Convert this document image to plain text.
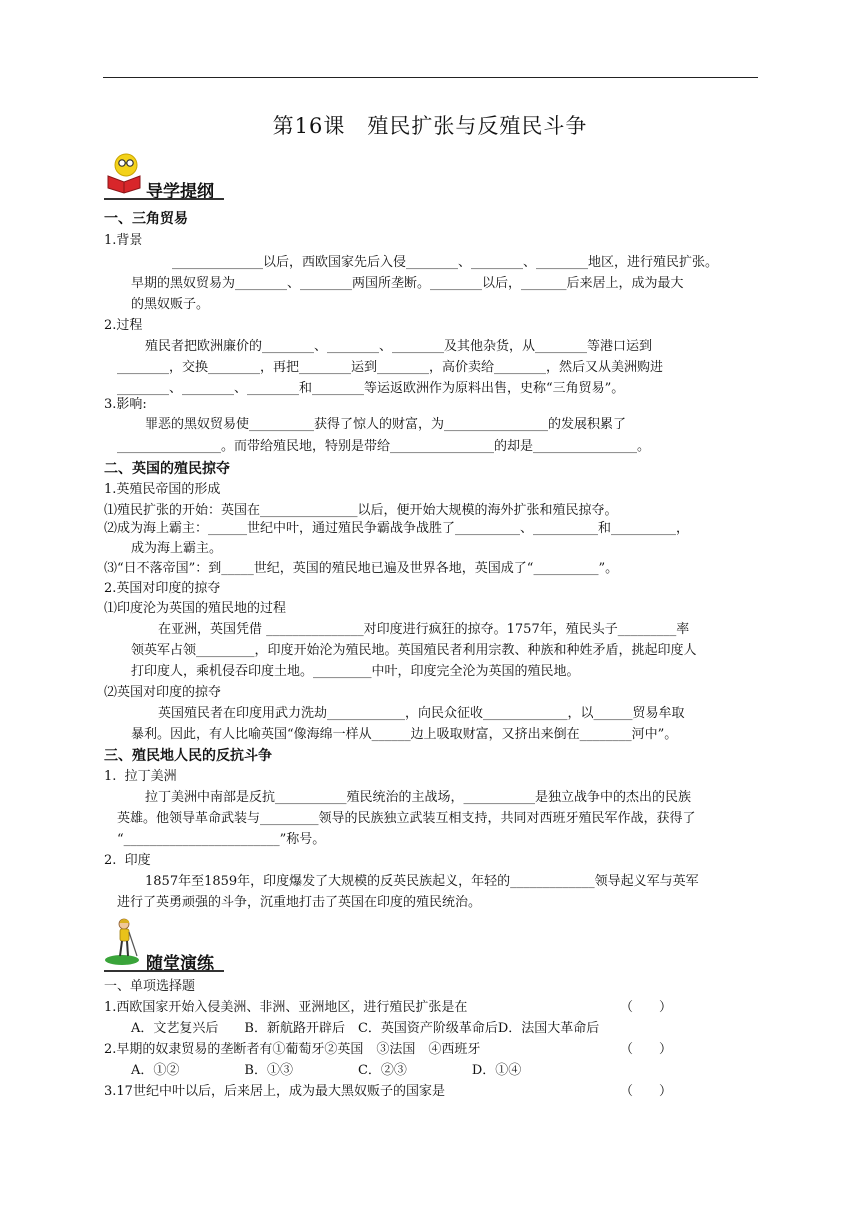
第16课　殖民扩张与反殖民斗争
导学提纲
一、三角贸易
1.背景
______________以后，西欧国家先后入侵________、________、________地区，进行殖民扩张。
早期的黑奴贸易为________、________两国所垄断。________以后，_______后来居上，成为最大
的黑奴贩子。
2.过程
殖民者把欧洲廉价的________、________、________及其他杂货，从________等港口运到
________，交换________，再把________运到________，高价卖给________，然后又从美洲购进
________、________、________和________等运返欧洲作为原料出售，史称“三角贸易”。
3.影响:
罪恶的黑奴贸易使__________获得了惊人的财富，为________________的发展积累了
________________。而带给殖民地，特别是带给________________的却是________________。
二、英国的殖民掠夺
1.英殖民帝国的形成
⑴殖民扩张的开始：英国在_______________以后，便开始大规模的海外扩张和殖民掠夺。
⑵成为海上霸主：______世纪中叶，通过殖民争霸战争战胜了__________、__________和__________，
成为海上霸主。
⑶“日不落帝国”：到_____世纪，英国的殖民地已遍及世界各地，英国成了“__________”。
2.英国对印度的掠夺
⑴印度沦为英国的殖民地的过程
在亚洲，英国凭借 _______________对印度进行疯狂的掠夺。1757年，殖民头子_________率
领英军占领_________，印度开始沦为殖民地。英国殖民者利用宗教、种族和种姓矛盾，挑起印度人
打印度人，乘机侵吞印度土地。_________中叶，印度完全沦为英国的殖民地。
⑵英国对印度的掠夺
英国殖民者在印度用武力洗劫____________，向民众征收_____________，以______贸易牟取
暴利。因此，有人比喻英国“像海绵一样从______边上吸取财富，又挤出来倒在________河中”。
三、殖民地人民的反抗斗争
1.  拉丁美洲
拉丁美洲中南部是反抗___________殖民统治的主战场，___________是独立战争中的杰出的民族
英雄。他领导革命武装与_________领导的民族独立武装互相支持，共同对西班牙殖民军作战，获得了
“________________________”称号。
2.  印度
1857年至1859年，印度爆发了大规模的反英民族起义，年轻的_____________领导起义军与英军
进行了英勇顽强的斗争，沉重地打击了英国在印度的殖民统治。
随堂演练
一、单项选择题
1.西欧国家开始入侵美洲、非洲、亚洲地区，进行殖民扩张是在	（　　）
A．文艺复兴后　　B．新航路开辟后　C．英国资产阶级革命后D．法国大革命后
2.早期的奴隶贸易的垄断者有①葡萄牙②英国　③法国　④西班牙	（　　）
A．①②　　　　　B．①③　　　　　C．②③　　　　　D．①④
3.17世纪中叶以后，后来居上，成为最大黑奴贩子的国家是	（　　）
